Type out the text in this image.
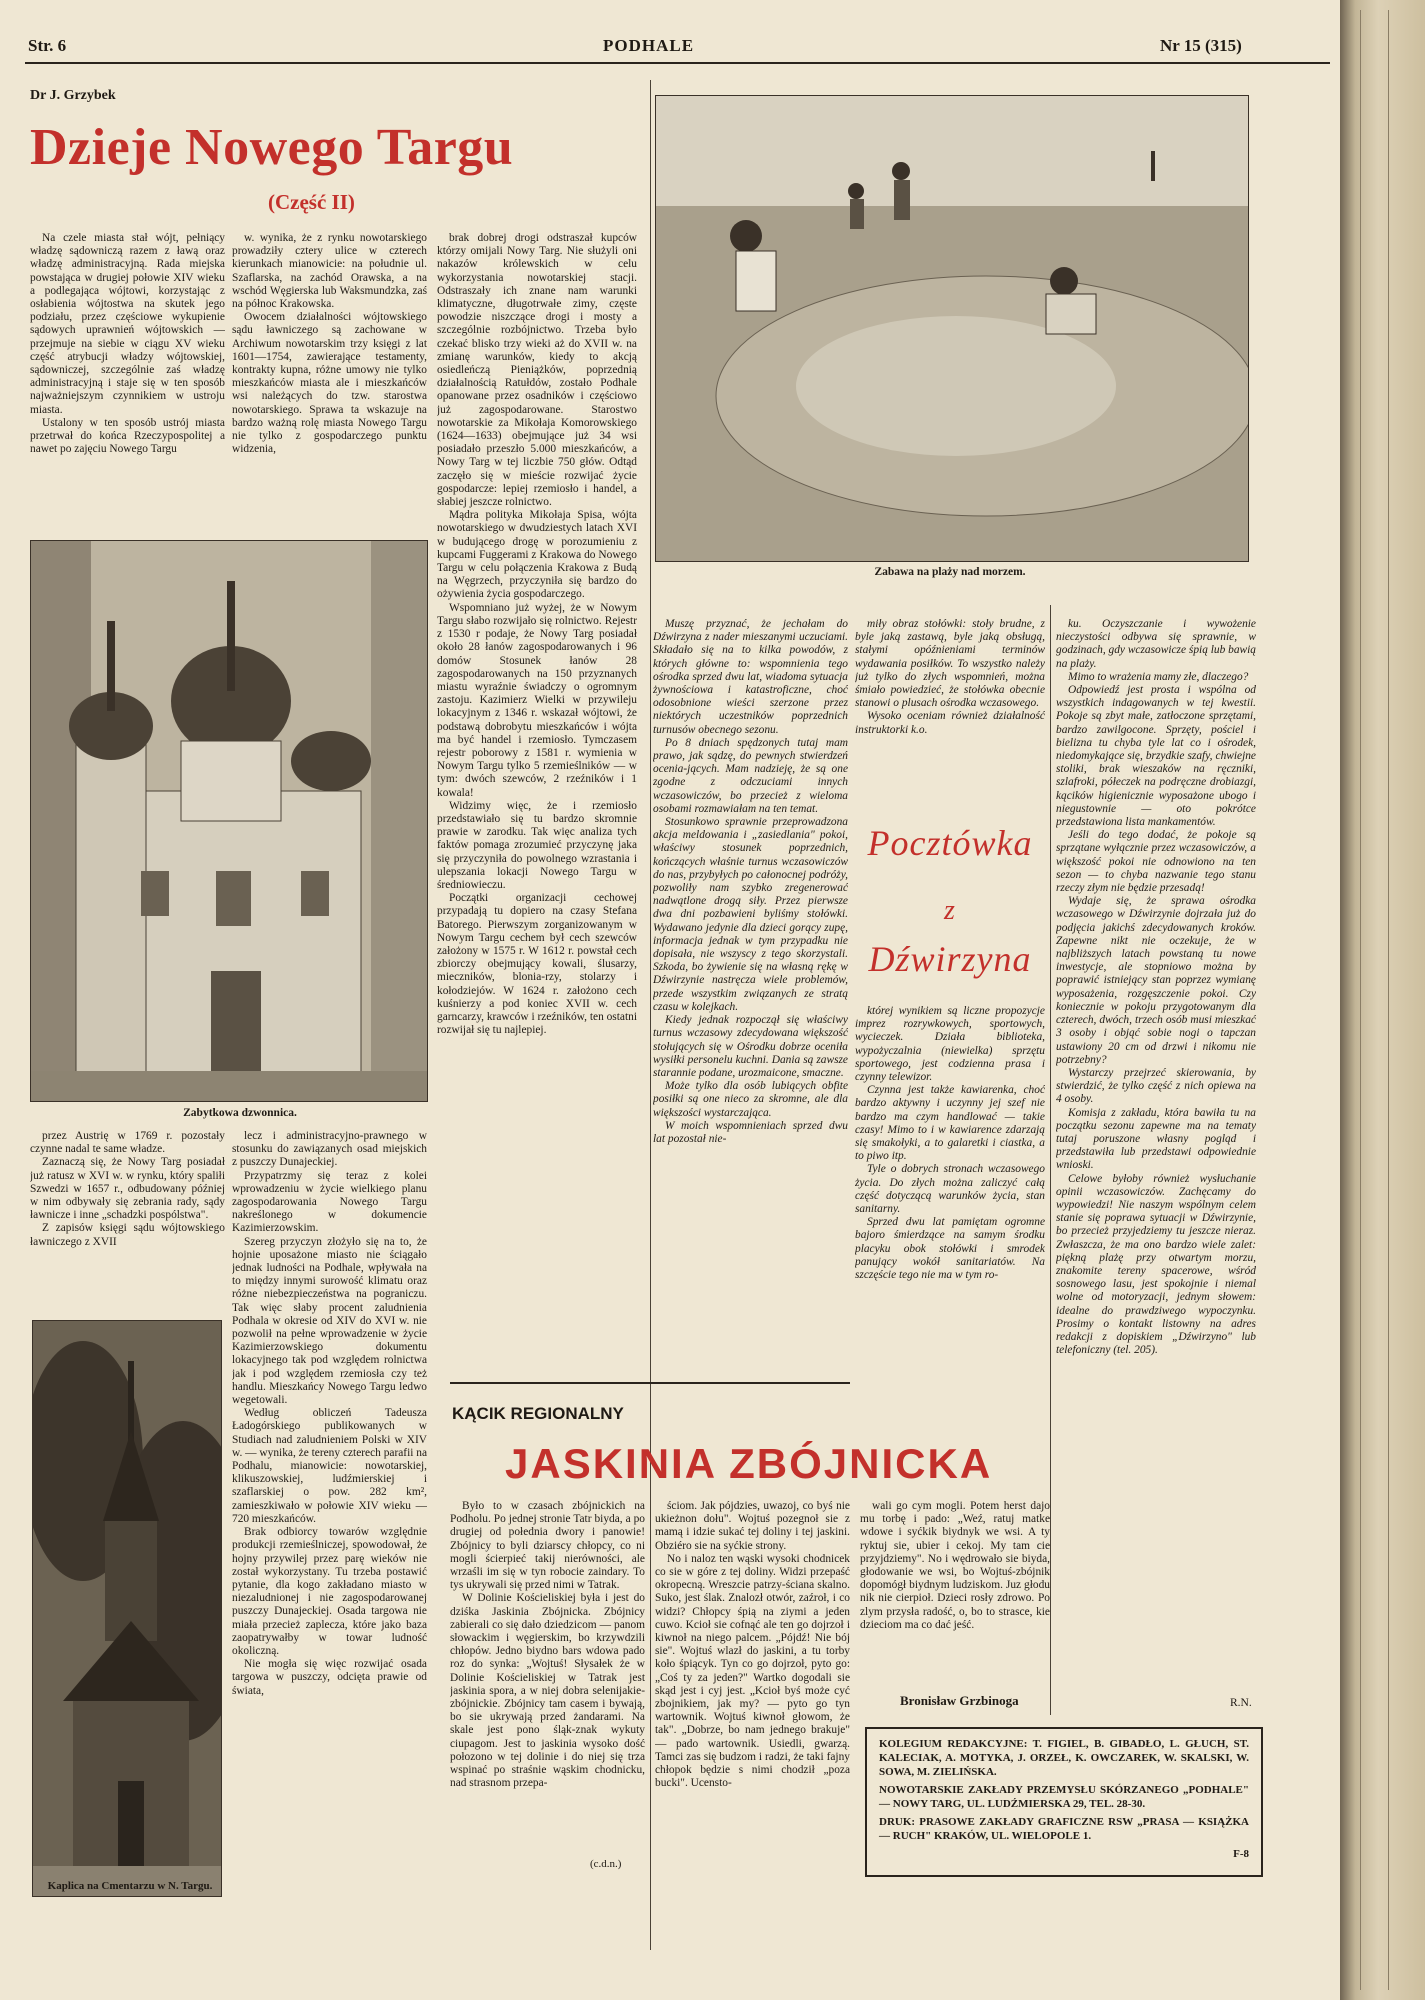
Str. 6	PODHALE	Nr 15 (315)
Dr J. Grzybek
Dzieje Nowego Targu
(Część II)

Na czele miasta stał wójt, pełniący władzę sądowniczą razem z ławą oraz władzę administracyjną. Rada miejska powstająca w drugiej połowie XIV wieku a podlegająca wójtowi, korzystając z osłabienia wójtostwa na skutek jego podziału, przez częściowe wykupienie sądowych uprawnień wójtowskich — przejmuje na siebie w ciągu XV wieku część atrybucji władzy wójtowskiej, sądowniczej, szczególnie zaś władzę administracyjną i staje się w ten sposób najważniejszym czynnikiem w ustroju miasta.

Ustalony w ten sposób ustrój miasta przetrwał do końca Rzeczypospolitej a nawet po zajęciu Nowego Targu

w. wynika, że z rynku nowotarskiego prowadziły cztery ulice w czterech kierunkach mianowicie: na południe ul. Szaflarska, na zachód Orawska, a na wschód Węgierska lub Waksmundzka, zaś na północ Krakowska.

Owocem działalności wójtowskiego sądu ławniczego są zachowane w Archiwum nowotarskim trzy księgi z lat 1601—1754, zawierające testamenty, kontrakty kupna, różne umowy nie tylko mieszkańców miasta ale i mieszkańców wsi należących do tzw. starostwa nowotarskiego. Sprawa ta wskazuje na bardzo ważną rolę miasta Nowego Targu nie tylko z gospodarczego punktu widzenia,

brak dobrej drogi odstraszał kupców którzy omijali Nowy Targ. Nie służyli oni nakazów królewskich w celu wykorzystania nowotarskiej stacji. Odstraszały ich znane nam warunki klimatyczne, długotrwałe zimy, częste powodzie niszczące drogi i mosty a szczególnie rozbójnictwo. Trzeba było czekać blisko trzy wieki aż do XVII w. na zmianę warunków, kiedy to akcją osiedleńczą Pieniążków, poprzednią działalnością Ratułdów, zostało Podhale opanowane przez osadników i częściowo już zagospodarowane. Starostwo nowotarskie za Mikołaja Komorowskiego (1624—1633) obejmujące już 34 wsi posiadało przeszło 5.000 mieszkańców, a Nowy Targ w tej liczbie 750 głów. Odtąd zaczęło się w mieście rozwijać życie gospodarcze: lepiej rzemiosło i handel, a słabiej jeszcze rolnictwo.

Mądra polityka Mikołaja Spisa, wójta nowotarskiego w dwudziestych latach XVI w budującego drogę w porozumieniu z kupcami Fuggerami z Krakowa do Nowego Targu w celu połączenia Krakowa z Budą na Węgrzech, przyczyniła się bardzo do ożywienia życia gospodarczego.

Wspomniano już wyżej, że w Nowym Targu słabo rozwijało się rolnictwo. Rejestr z 1530 r podaje, że Nowy Targ posiadał około 28 łanów zagospodarowanych i 96 domów Stosunek łanów 28 zagospodarowanych na 150 przyznanych miastu wyraźnie świadczy o ogromnym zastoju. Kazimierz Wielki w przywileju lokacyjnym z 1346 r. wskazał wójtowi, że podstawą dobrobytu mieszkańców i wójta ma być handel i rzemiosło. Tymczasem rejestr poborowy z 1581 r. wymienia w Nowym Targu tylko 5 rzemieślników — w tym: dwóch szewców, 2 rzeźników i 1 kowala!

Widzimy więc, że i rzemiosło przedstawiało się tu bardzo skromnie prawie w zarodku. Tak więc analiza tych faktów pomaga zrozumieć przyczynę jaka się przyczyniła do powolnego wzrastania i ulepszania lokacji Nowego Targu w średniowieczu.

Początki organizacji cechowej przypadają tu dopiero na czasy Stefana Batorego. Pierwszym zorganizowanym w Nowym Targu cechem był cech szewców założony w 1575 r. W 1612 r. powstał cech zbiorczy obejmujący kowali, ślusarzy, mieczników, blonia-rzy, stolarzy i kołodziejów. W 1624 r. założono cech kuśnierzy a pod koniec XVII w. cech garncarzy, krawców i rzeźników, ten ostatni rozwijał się tu najlepiej.

Zabytkowa dzwonnica.

przez Austrię w 1769 r. pozostały czynne nadal te same władze.

Zaznaczą się, że Nowy Targ posiadał już ratusz w XVI w. w rynku, który spaliłi Szwedzi w 1657 r., odbudowany później w nim odbywały się zebrania rady, sądy ławnicze i inne „schadzki pospólstwa".

Z zapisów księgi sądu wójtowskiego ławniczego z XVII

lecz i administracyjno-prawnego w stosunku do zawiązanych osad miejskich z puszczy Dunajeckiej.

Przypatrzmy się teraz z kolei wprowadzeniu w życie wielkiego planu zagospodarowania Nowego Targu nakreślonego w dokumencie Kazimierzowskim.

Szereg przyczyn złożyło się na to, że hojnie uposażone miasto nie ściągało jednak ludności na Podhale, wpływała na to między innymi surowość klimatu oraz różne niebezpieczeństwa na pograniczu. Tak więc słaby procent zaludnienia Podhala w okresie od XIV do XVI w. nie pozwolił na pełne wprowadzenie w życie Kazimierzowskiego dokumentu lokacyjnego tak pod względem rolnictwa jak i pod względem rzemiosła czy też handlu. Mieszkańcy Nowego Targu ledwo wegetowali.

Według obliczeń Tadeusza Ładogórskiego publikowanych w Studiach nad zaludnieniem Polski w XIV w. — wynika, że tereny czterech parafii na Podhalu, mianowicie: nowotarskiej, klikuszowskiej, ludźmierskiej i szaflarskiej o pow. 282 km², zamieszkiwało w połowie XIV wieku — 720 mieszkańców.

Brak odbiorcy towarów względnie produkcji rzemieślniczej, spowodował, że hojny przywilej przez parę wieków nie został wykorzystany. Tu trzeba postawić pytanie, dla kogo zakładano miasto w niezaludnionej i nie zagospodarowanej puszczy Dunajeckiej. Osada targowa nie miała przecież zaplecza, które jako baza zaopatrywałby w towar ludność okoliczną.

Nie mogła się więc rozwijać osada targowa w puszczy, odcięta prawie od świata,

(c.d.n.)
Kaplica na Cmentarzu w N. Targu.
Zabawa na plaży nad morzem.

Muszę przyznać, że jechałam do Dźwirzyna z nader mieszanymi uczuciami. Składało się na to kilka powodów, z których główne to: wspomnienia tego ośrodka sprzed dwu lat, wiadoma sytuacja żywnościowa i katastroficzne, choć odosobnione wieści szerzone przez niektórych uczestników poprzednich turnusów obecnego sezonu.

Po 8 dniach spędzonych tutaj mam prawo, jak sądzę, do pewnych stwierdzeń ocenia-jących. Mam nadzieję, że są one zgodne z odczuciami innych wczasowiczów, bo przecież z wieloma osobami rozmawiałam na ten temat.

Stosunkowo sprawnie przeprowadzona akcja meldowania i „zasiedlania" pokoi, właściwy stosunek poprzednich, kończących właśnie turnus wczasowiczów do nas, przybyłych po całonocnej podróży, pozwoliły nam szybko zregenerować nadwątlone drogą siły. Przez pierwsze dwa dni pozbawieni byliśmy stołówki. Wydawano jedynie dla dzieci gorący zupę, informacja jednak w tym przypadku nie dopisała, nie wszyscy z tego skorzystali. Szkoda, bo żywienie się na własną rękę w Dźwirzynie nastręcza wiele problemów, przede wszystkim związanych ze stratą czasu w kolejkach.

Kiedy jednak rozpoczął się właściwy turnus wczasowy zdecydowana większość stołujących się w Ośrodku dobrze oceniła wysiłki personelu kuchni. Dania są zawsze starannie podane, urozmaicone, smaczne.

Może tylko dla osób lubiących obfite posiłki są one nieco za skromne, ale dla większości wystarczająca.

W moich wspomnieniach sprzed dwu lat pozostał nie-

miły obraz stołówki: stoły brudne, z byle jaką zastawą, byle jaką obsługą, stałymi opóźnieniami terminów wydawania posiłków. To wszystko należy już tylko do złych wspomnień, można śmiało powiedzieć, że stołówka obecnie stanowi o plusach ośrodka wczasowego.

Wysoko oceniam również działalność instruktorki k.o.

Pocztówka
z
Dźwirzyna

której wynikiem są liczne propozycje imprez rozrywkowych, sportowych, wycieczek. Działa biblioteka, wypożyczalnia (niewielka) sprzętu sportowego, jest codzienna prasa i czynny telewizor.

Czynna jest także kawiarenka, choć bardzo aktywny i uczynny jej szef nie bardzo ma czym handlować — takie czasy! Mimo to i w kawiarence zdarzają się smakołyki, a to galaretki i ciastka, a to piwo itp.

Tyle o dobrych stronach wczasowego życia. Do złych można zaliczyć całą część dotyczącą warunków życia, stan sanitarny.

Sprzed dwu lat pamiętam ogromne bajoro śmierdzące na samym środku placyku obok stołówki i smrodek panujący wokół sanitariatów. Na szczęście tego nie ma w tym ro-

ku. Oczyszczanie i wywożenie nieczystości odbywa się sprawnie, w godzinach, gdy wczasowicze śpią lub bawią na plaży.

Mimo to wrażenia mamy złe, dlaczego?

Odpowiedź jest prosta i wspólna od wszystkich indagowanych w tej kwestii. Pokoje są zbyt małe, zatłoczone sprzętami, bardzo zawilgocone. Sprzęty, pościel i bielizna tu chyba tyle lat co i ośrodek, niedomykające się, brzydkie szafy, chwiejne stoliki, brak wieszaków na ręczniki, szlafroki, półeczek na podręczne drobiazgi, kącików higienicznie wyposażone ubogo i niegustownie — oto pokrótce przedstawiona lista mankamentów.

Jeśli do tego dodać, że pokoje są sprzątane wyłącznie przez wczasowiczów, a większość pokoi nie odnowiono na ten sezon — to chyba nazwanie tego stanu rzeczy złym nie będzie przesadą!

Wydaje się, że sprawa ośrodka wczasowego w Dźwirzynie dojrzała już do podjęcia jakichś zdecydowanych kroków. Zapewne nikt nie oczekuje, że w najbliższych latach powstaną tu nowe inwestycje, ale stopniowo można by poprawić istniejący stan poprzez wymianę wyposażenia, rozgęszczenie pokoi. Czy koniecznie w pokoju przygotowanym dla czterech, dwóch, trzech osób musi mieszkać 3 osoby i objąć sobie nogi o tapczan ustawiony 20 cm od drzwi i nikomu nie potrzebny?

Wystarczy przejrzeć skierowania, by stwierdzić, że tylko część z nich opiewa na 4 osoby.

Komisja z zakładu, która bawiła tu na początku sezonu zapewne ma na tematy tutaj poruszone własny pogląd i przedstawiła lub przedstawi odpowiednie wnioski.

Celowe byłoby również wysłuchanie opinii wczasowiczów. Zachęcamy do wypowiedzi! Nie naszym wspólnym celem stanie się poprawa sytuacji w Dźwirzynie, bo przecież przyjedziemy tu jeszcze nieraz. Zwłaszcza, że ma ono bardzo wiele zalet: piękną plażę przy otwartym morzu, znakomite tereny spacerowe, wśród sosnowego lasu, jest spokojnie i niemal wolne od motoryzacji, jednym słowem: idealne do prawdziwego wypoczynku. Prosimy o kontakt listowny na adres redakcji z dopiskiem „Dźwirzyno" lub telefoniczny (tel. 205).

R.N.
KĄCIK REGIONALNY
JASKINIA ZBÓJNICKA

Było to w czasach zbójnickich na Podholu. Po jednej stronie Tatr biyda, a po drugiej od połednia dwory i panowie! Zbójnicy to byli dziarscy chłopcy, co ni mogli ścierpieć takij nierówności, ale wrzaśli im się w tyn robocie zaindary. To tys ukrywali się przed nimi w Tatrak.

W Dolinie Kościeliskiej była i jest do dziśka Jaskinia Zbójnicka. Zbójnicy zabierali co się dało dziedzicom — panom słowackim i węgierskim, bo krzywdzili chłopów. Jedno biydno bars wdowa pado roz do synka: „Wojtuś! Słysałek że w Dolinie Kościeliskiej w Tatrak jest jaskinia spora, a w niej dobra selenijakie-zbójnickie. Zbójnicy tam casem i bywają, bo sie ukrywają przed żandarami. Na skale jest pono śląk-znak wykuty ciupagom. Jest to jaskinia wysoko dość połozono w tej dolinie i do niej się trza wspinać po straśnie wąskim chodnicku, nad strasnom przepa-

ściom. Jak pójdzies, uwazoj, co byś nie ukieżnon dołu". Wojtuś pozegnoł sie z mamą i idzie sukać tej doliny i tej jaskini. Obziéro sie na syćkie strony.

No i naloz ten wąski wysoki chodnicek co sie w góre z tej doliny. Widzi przepaść okropecną. Wreszcie patrzy-ściana skalno. Suko, jest ślak. Znalozł otwór, zaźroł, i co widzi? Chłopcy śpią na ziymi a jeden cuwo. Kcioł sie cofnąć ale ten go dojrzoł i kiwnoł na niego palcem. „Pójdź! Nie bój sie". Wojtuś wlazł do jaskini, a tu torby koło śpiącyk. Tyn co go dojrzoł, pyto go: „Coś ty za jeden?" Wartko dogodali sie skąd jest i cyj jest. „Kcioł byś może cyć zbojnikiem, jak my? — pyto go tyn wartownik. Wojtuś kiwnoł głowom, że tak". „Dobrze, bo nam jednego brakuje" — pado wartownik. Usiedli, gwarzą. Tamci zas się budzom i radzi, że taki fajny chłopok będzie s nimi chodził „poza bucki". Ucensto-

wali go cym mogli. Potem herst dajo mu torbę i pado: „Weź, ratuj matke wdowe i syćkik biydnyk we wsi. A ty ryktuj sie, ubier i cekoj. My tam cie przyjdziemy". No i wędrowało sie biyda, głodowanie we wsi, bo Wojtuś-zbójnik dopomógł biydnym ludziskom. Juz głodu nik nie cierpioł. Dzieci rosły zdrowo. Po zlym przysła radość, o, bo to strasce, kie dzieciom ma co dać jeść.

Bronisław Grzbinoga

KOLEGIUM REDAKCYJNE: T. FIGIEL, B. GIBADŁO, L. GŁUCH, ST. KALECIAK, A. MOTYKA, J. ORZEŁ, K. OWCZAREK, W. SKALSKI, W. SOWA, M. ZIELIŃSKA.

NOWOTARSKIE ZAKŁADY PRZEMYSŁU SKÓRZANEGO „PODHALE" — NOWY TARG, UL. LUDŹMIERSKA 29, TEL. 28-30.

DRUK: PRASOWE ZAKŁADY GRAFICZNE RSW „PRASA — KSIĄŻKA — RUCH" KRAKÓW, UL. WIELOPOLE 1.

F-8
